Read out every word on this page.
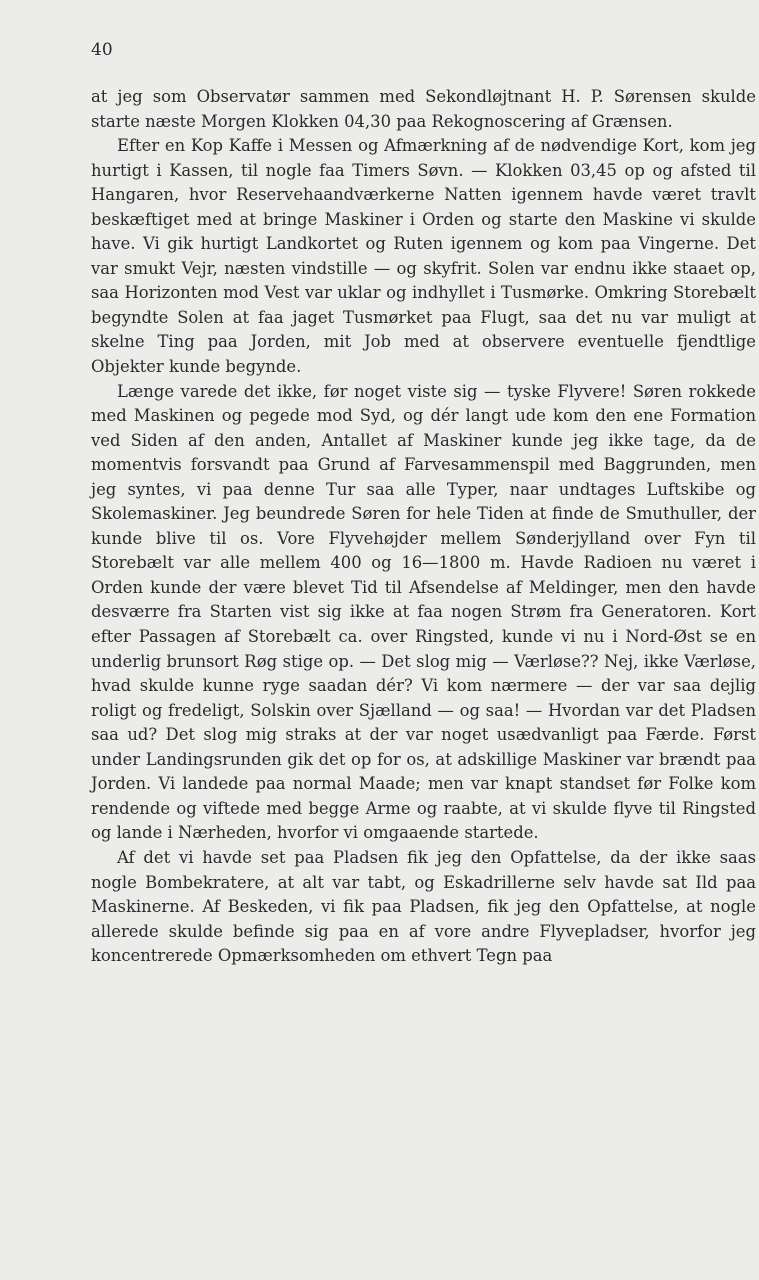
40

at jeg som Observatør sammen med Sekondløjtnant H. P. Sørensen skulde starte næste Morgen Klokken 04,30 paa Rekognoscering af Grænsen.

Efter en Kop Kaffe i Messen og Afmærkning af de nødvendige Kort, kom jeg hurtigt i Kassen, til nogle faa Timers Søvn. — Klokken 03,45 op og afsted til Hangaren, hvor Reservehaandværkerne Natten igennem havde været travlt beskæftiget med at bringe Maskiner i Orden og starte den Maskine vi skulde have. Vi gik hurtigt Landkortet og Ruten igennem og kom paa Vingerne. Det var smukt Vejr, næsten vindstille — og skyfrit. Solen var endnu ikke staaet op, saa Horizonten mod Vest var uklar og indhyllet i Tusmørke. Omkring Storebælt begyndte Solen at faa jaget Tusmørket paa Flugt, saa det nu var muligt at skelne Ting paa Jorden, mit Job med at observere eventuelle fjendtlige Objekter kunde begynde.

Længe varede det ikke, før noget viste sig — tyske Flyvere! Søren rokkede med Maskinen og pegede mod Syd, og dér langt ude kom den ene Formation ved Siden af den anden, Antallet af Maskiner kunde jeg ikke tage, da de momentvis forsvandt paa Grund af Farvesammenspil med Baggrunden, men jeg syntes, vi paa denne Tur saa alle Typer, naar undtages Luftskibe og Skolemaskiner. Jeg beundrede Søren for hele Tiden at finde de Smuthuller, der kunde blive til os. Vore Flyvehøjder mellem Sønderjylland over Fyn til Storebælt var alle mellem 400 og 16—1800 m. Havde Radioen nu været i Orden kunde der være blevet Tid til Afsendelse af Meldinger, men den havde desværre fra Starten vist sig ikke at faa nogen Strøm fra Generatoren. Kort efter Passagen af Storebælt ca. over Ringsted, kunde vi nu i Nord-Øst se en underlig brunsort Røg stige op. — Det slog mig — Værløse?? Nej, ikke Værløse, hvad skulde kunne ryge saadan dér? Vi kom nærmere — der var saa dejlig roligt og fredeligt, Solskin over Sjælland — og saa! — Hvordan var det Pladsen saa ud? Det slog mig straks at der var noget usædvanligt paa Færde. Først under Landingsrunden gik det op for os, at adskillige Maskiner var brændt paa Jorden. Vi landede paa normal Maade; men var knapt standset før Folke kom rendende og viftede med begge Arme og raabte, at vi skulde flyve til Ringsted og lande i Nærheden, hvorfor vi omgaaende startede.

Af det vi havde set paa Pladsen fik jeg den Opfattelse, da der ikke saas nogle Bombekratere, at alt var tabt, og Eskadrillerne selv havde sat Ild paa Maskinerne. Af Beskeden, vi fik paa Pladsen, fik jeg den Opfattelse, at nogle allerede skulde befinde sig paa en af vore andre Flyvepladser, hvorfor jeg koncentrerede Opmærksomheden om ethvert Tegn paa
